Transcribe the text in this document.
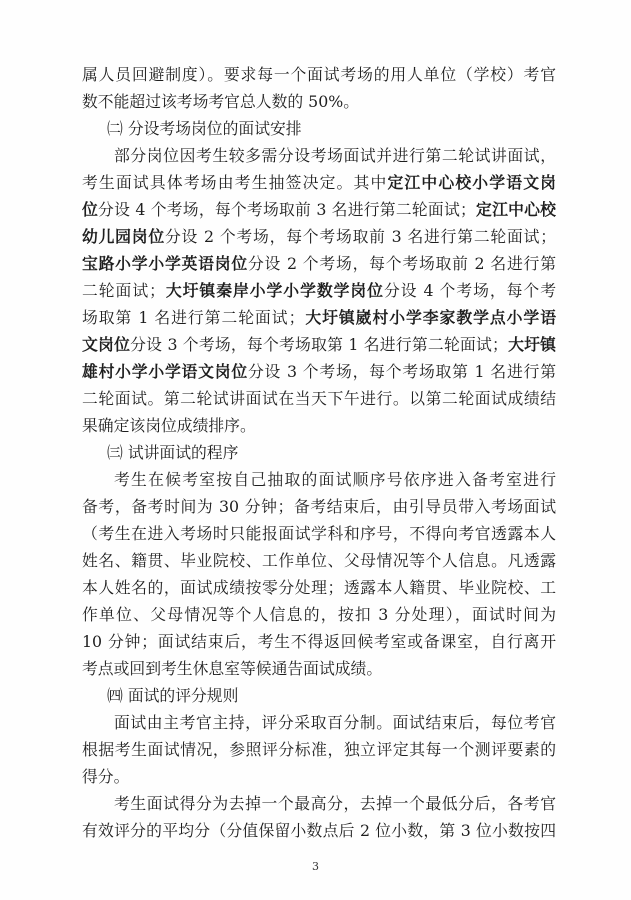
属人员回避制度）。要求每一个面试考场的用人单位（学校）考官
数不能超过该考场考官总人数的 50%。
㈡ 分设考场岗位的面试安排
部分岗位因考生较多需分设考场面试并进行第二轮试讲面试，
考生面试具体考场由考生抽签决定。其中定江中心校小学语文岗
位分设 4 个考场，每个考场取前 3 名进行第二轮面试；定江中心校
幼儿园岗位分设 2 个考场，每个考场取前 3 名进行第二轮面试；
宝路小学小学英语岗位分设 2 个考场，每个考场取前 2 名进行第
二轮面试；大圩镇秦岸小学小学数学岗位分设 4 个考场，每个考
场取第 1 名进行第二轮面试；大圩镇崴村小学李家教学点小学语
文岗位分设 3 个考场，每个考场取第 1 名进行第二轮面试；大圩镇
雄村小学小学语文岗位分设 3 个考场，每个考场取第 1 名进行第
二轮面试。第二轮试讲面试在当天下午进行。以第二轮面试成绩结
果确定该岗位成绩排序。
㈢ 试讲面试的程序
考生在候考室按自己抽取的面试顺序号依序进入备考室进行
备考，备考时间为 30 分钟；备考结束后，由引导员带入考场面试
（考生在进入考场时只能报面试学科和序号，不得向考官透露本人
姓名、籍贯、毕业院校、工作单位、父母情况等个人信息。凡透露
本人姓名的，面试成绩按零分处理；透露本人籍贯、毕业院校、工
作单位、父母情况等个人信息的，按扣 3 分处理），面试时间为
10 分钟；面试结束后，考生不得返回候考室或备课室，自行离开
考点或回到考生休息室等候通告面试成绩。
㈣ 面试的评分规则
面试由主考官主持，评分采取百分制。面试结束后，每位考官
根据考生面试情况，参照评分标准，独立评定其每一个测评要素的
得分。
考生面试得分为去掉一个最高分，去掉一个最低分后，各考官
有效评分的平均分（分值保留小数点后 2 位小数，第 3 位小数按四
3
